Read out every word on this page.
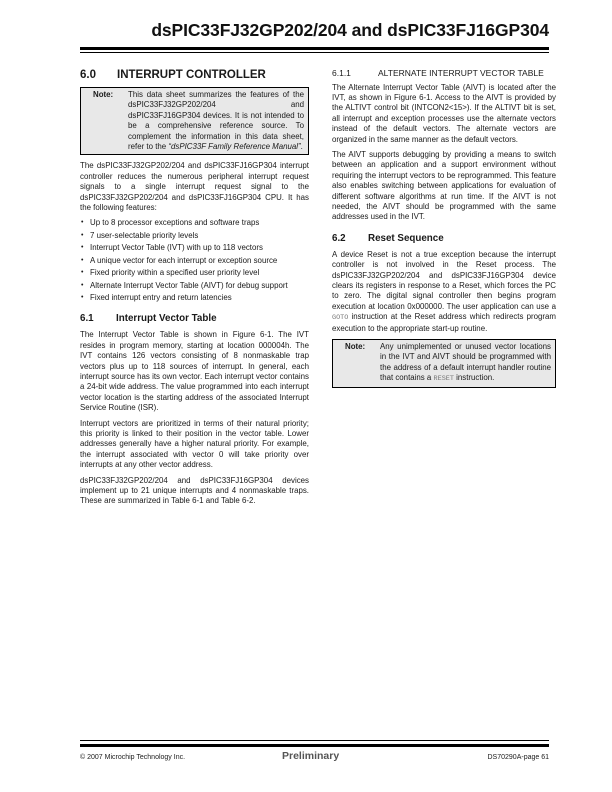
dsPIC33FJ32GP202/204 and dsPIC33FJ16GP304
6.0 INTERRUPT CONTROLLER
Note:	This data sheet summarizes the features of the dsPIC33FJ32GP202/204 and dsPIC33FJ16GP304 devices. It is not intended to be a comprehensive reference source. To complement the information in this data sheet, refer to the “dsPIC33F Family Reference Manual”.

The dsPIC33FJ32GP202/204 and dsPIC33FJ16GP304 interrupt controller reduces the numerous peripheral interrupt request signals to a single interrupt request signal to the dsPIC33FJ32GP202/204 and dsPIC33FJ16GP304 CPU. It has the following features:

• Up to 8 processor exceptions and software traps
• 7 user-selectable priority levels
• Interrupt Vector Table (IVT) with up to 118 vectors
• A unique vector for each interrupt or exception source
• Fixed priority within a specified user priority level
• Alternate Interrupt Vector Table (AIVT) for debug support
• Fixed interrupt entry and return latencies
6.1 Interrupt Vector Table

The Interrupt Vector Table is shown in Figure 6-1. The IVT resides in program memory, starting at location 000004h. The IVT contains 126 vectors consisting of 8 nonmaskable trap vectors plus up to 118 sources of interrupt. In general, each interrupt source has its own vector. Each interrupt vector contains a 24-bit wide address. The value programmed into each interrupt vector location is the starting address of the associated Interrupt Service Routine (ISR).

Interrupt vectors are prioritized in terms of their natural priority; this priority is linked to their position in the vector table. Lower addresses generally have a higher natural priority. For example, the interrupt associated with vector 0 will take priority over interrupts at any other vector address.

dsPIC33FJ32GP202/204 and dsPIC33FJ16GP304 devices implement up to 21 unique interrupts and 4 nonmaskable traps. These are summarized in Table 6-1 and Table 6-2.

6.1.1	ALTERNATE INTERRUPT VECTOR TABLE

The Alternate Interrupt Vector Table (AIVT) is located after the IVT, as shown in Figure 6-1. Access to the AIVT is provided by the ALTIVT control bit (INTCON2<15>). If the ALTIVT bit is set, all interrupt and exception processes use the alternate vectors instead of the default vectors. The alternate vectors are organized in the same manner as the default vectors.

The AIVT supports debugging by providing a means to switch between an application and a support environment without requiring the interrupt vectors to be reprogrammed. This feature also enables switching between applications for evaluation of different software algorithms at run time. If the AIVT is not needed, the AIVT should be programmed with the same addresses used in the IVT.

6.2 Reset Sequence

A device Reset is not a true exception because the interrupt controller is not involved in the Reset process. The dsPIC33FJ32GP202/204 and dsPIC33FJ16GP304 device clears its registers in response to a Reset, which forces the PC to zero. The digital signal controller then begins program execution at location 0x000000. The user application can use a GOTO instruction at the Reset address which redirects program execution to the appropriate start-up routine.

Note:	Any unimplemented or unused vector locations in the IVT and AIVT should be programmed with the address of a default interrupt handler routine that contains a RESET instruction.
© 2007 Microchip Technology Inc.	Preliminary	DS70290A-page 61
